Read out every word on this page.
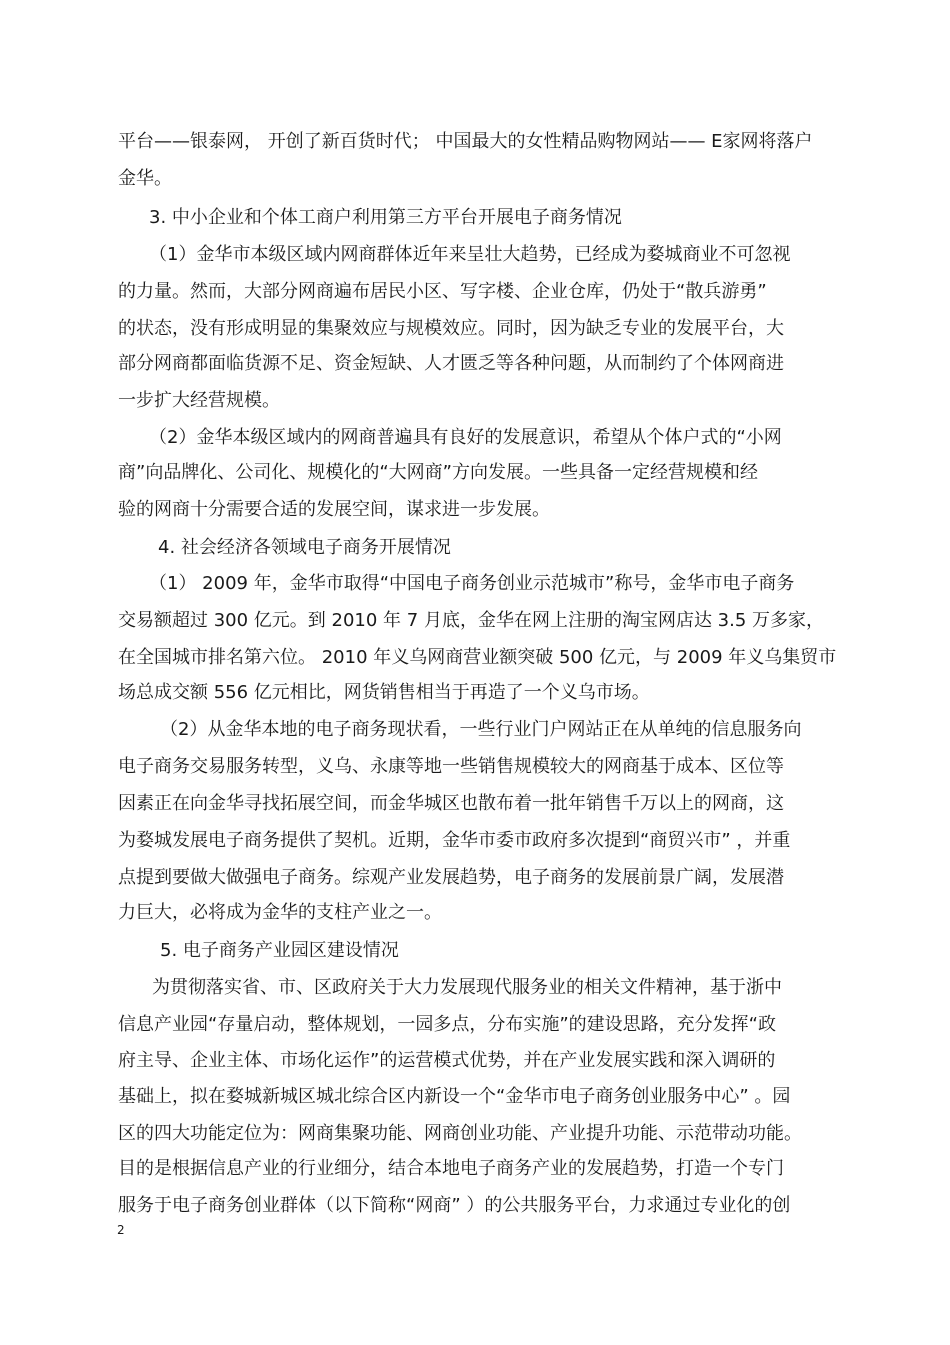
平台——银泰网， 开创了新百货时代； 中国最大的女性精品购物网站—— E家网将落户
金华。
3. 中小企业和个体工商户利用第三方平台开展电子商务情况
（1）金华市本级区域内网商群体近年来呈壮大趋势，已经成为婺城商业不可忽视
的力量。然而，大部分网商遍布居民小区、写字楼、企业仓库，仍处于“散兵游勇”
的状态，没有形成明显的集聚效应与规模效应。同时，因为缺乏专业的发展平台，大
部分网商都面临货源不足、资金短缺、人才匮乏等各种问题，从而制约了个体网商进
一步扩大经营规模。
（2）金华本级区域内的网商普遍具有良好的发展意识，希望从个体户式的“小网
商”向品牌化、公司化、规模化的“大网商”方向发展。一些具备一定经营规模和经
验的网商十分需要合适的发展空间，谋求进一步发展。
4. 社会经济各领域电子商务开展情况
（1） 2009 年，金华市取得“中国电子商务创业示范城市”称号，金华市电子商务
交易额超过 300 亿元。到 2010 年 7 月底，金华在网上注册的淘宝网店达 3.5 万多家，
在全国城市排名第六位。 2010 年义乌网商营业额突破 500 亿元，与 2009 年义乌集贸市
场总成交额 556 亿元相比，网货销售相当于再造了一个义乌市场。
（2）从金华本地的电子商务现状看，一些行业门户网站正在从单纯的信息服务向
电子商务交易服务转型，义乌、永康等地一些销售规模较大的网商基于成本、区位等
因素正在向金华寻找拓展空间，而金华城区也散布着一批年销售千万以上的网商，这
为婺城发展电子商务提供了契机。近期，金华市委市政府多次提到“商贸兴市” ，并重
点提到要做大做强电子商务。综观产业发展趋势，电子商务的发展前景广阔，发展潜
力巨大，必将成为金华的支柱产业之一。
5. 电子商务产业园区建设情况
为贯彻落实省、市、区政府关于大力发展现代服务业的相关文件精神，基于浙中
信息产业园“存量启动，整体规划，一园多点，分布实施”的建设思路，充分发挥“政
府主导、企业主体、市场化运作”的运营模式优势，并在产业发展实践和深入调研的
基础上，拟在婺城新城区城北综合区内新设一个“金华市电子商务创业服务中心” 。园
区的四大功能定位为：网商集聚功能、网商创业功能、产业提升功能、示范带动功能。
目的是根据信息产业的行业细分，结合本地电子商务产业的发展趋势，打造一个专门
服务于电子商务创业群体（以下简称“网商” ）的公共服务平台，力求通过专业化的创
2
